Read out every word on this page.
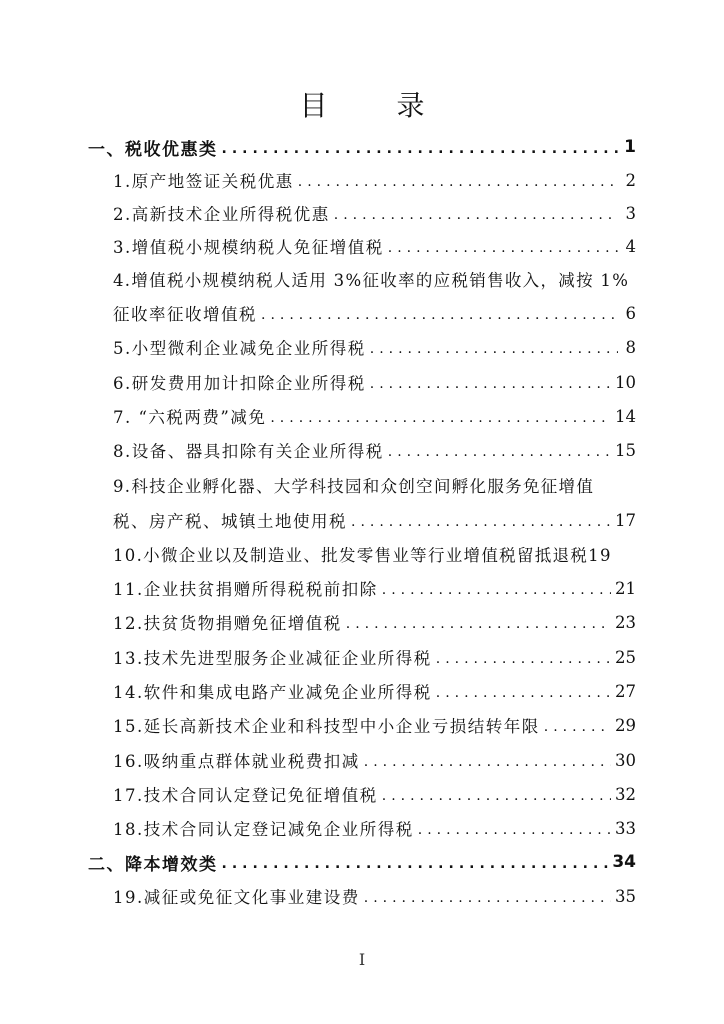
目 录
一、税收优惠类 .....	1
1.原产地签证关税优惠 .....	2
2.高新技术企业所得税优惠 .....	3
3.增值税小规模纳税人免征增值税 .....	4
4.增值税小规模纳税人适用 3%征收率的应税销售收入，减按 1%
征收率征收增值税 .....	6
5.小型微利企业减免企业所得税 .....	8
6.研发费用加计扣除企业所得税 .....	10
7. “六税两费”减免 .....	14
8.设备、器具扣除有关企业所得税 .....	15
9.科技企业孵化器、大学科技园和众创空间孵化服务免征增值
税、房产税、城镇土地使用税 .....	17
10.小微企业以及制造业、批发零售业等行业增值税留抵退税19
11.企业扶贫捐赠所得税税前扣除 .....	21
12.扶贫货物捐赠免征增值税 .....	23
13.技术先进型服务企业减征企业所得税 .....	25
14.软件和集成电路产业减免企业所得税 .....	27
15.延长高新技术企业和科技型中小企业亏损结转年限 .....	29
16.吸纳重点群体就业税费扣减 .....	30
17.技术合同认定登记免征增值税 .....	32
18.技术合同认定登记减免企业所得税 .....	33
二、降本增效类 .....	34
19.减征或免征文化事业建设费 .....	35
I
